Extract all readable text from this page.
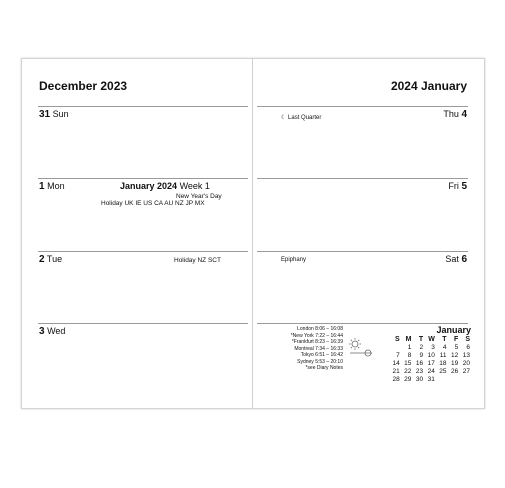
December 2023
31 Sun
1 Mon	January 2024 Week 1
New Year's Day
Holiday UK IE US CA AU NZ JP MX
2 Tue	Holiday NZ SCT
3 Wed
2024 January
☾ Last Quarter	Thu 4
Fri 5
Epiphany	Sat 6
London 8:06 – 16:08
*New York 7:22 – 16:44
*Frankfurt 8:23 – 16:39
Montreal 7:34 – 16:33
Tokyo 6:51 – 16:42
Sydney 5:53 – 20:10
*see Diary Notes
January
S	M	T	W	T	F	S
	1	2	3	4	5	6
7	8	9	10	11	12	13
14	15	16	17	18	19	20
21	22	23	24	25	26	27
28	29	30	31			
